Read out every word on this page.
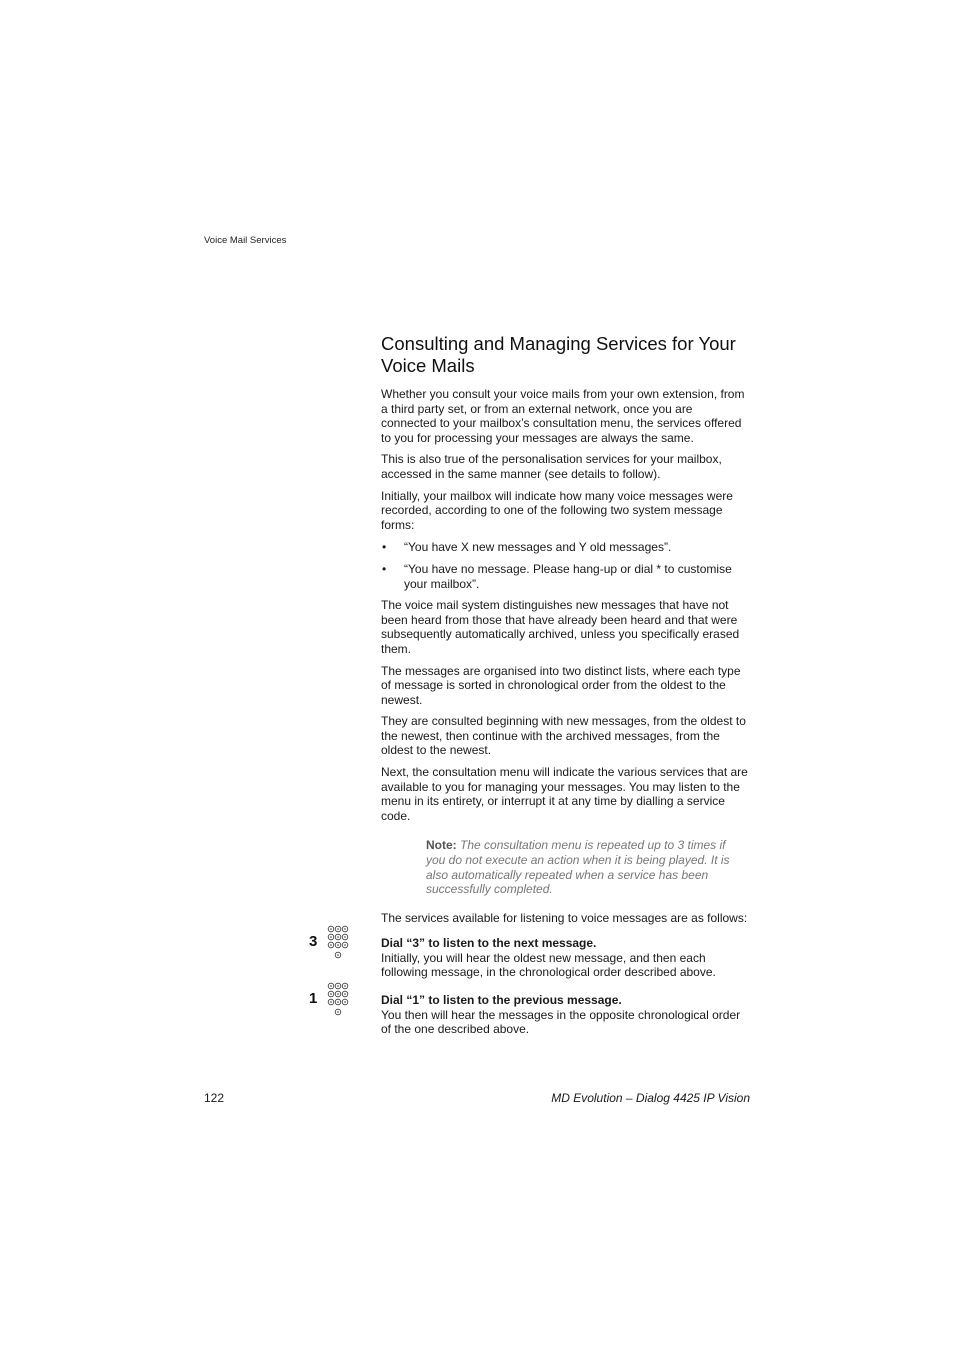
Voice Mail Services
Consulting and Managing Services for Your Voice Mails

Whether you consult your voice mails from your own extension, from a third party set, or from an external network, once you are connected to your mailbox’s consultation menu, the services offered to you for processing your messages are always the same.

This is also true of the personalisation services for your mailbox, accessed in the same manner (see details to follow).

Initially, your mailbox will indicate how many voice messages were recorded, according to one of the following two system message forms:

• “You have X new messages and Y old messages”.
• “You have no message. Please hang-up or dial * to customise your mailbox”.

The voice mail system distinguishes new messages that have not been heard from those that have already been heard and that were subsequently automatically archived, unless you specifically erased them.

The messages are organised into two distinct lists, where each type of message is sorted in chronological order from the oldest to the newest.

They are consulted beginning with new messages, from the oldest to the newest, then continue with the archived messages, from the oldest to the newest.

Next, the consultation menu will indicate the various services that are available to you for managing your messages. You may listen to the menu in its entirety, or interrupt it at any time by dialling a service code.

Note: The consultation menu is repeated up to 3 times if you do not execute an action when it is being played. It is also automatically repeated when a service has been successfully completed.

The services available for listening to voice messages are as follows:

3	Dial “3” to listen to the next message.

Initially, you will hear the oldest new message, and then each following message, in the chronological order described above.

1	Dial “1” to listen to the previous message.

You then will hear the messages in the opposite chronological order of the one described above.

122	MD Evolution – Dialog 4425 IP Vision
